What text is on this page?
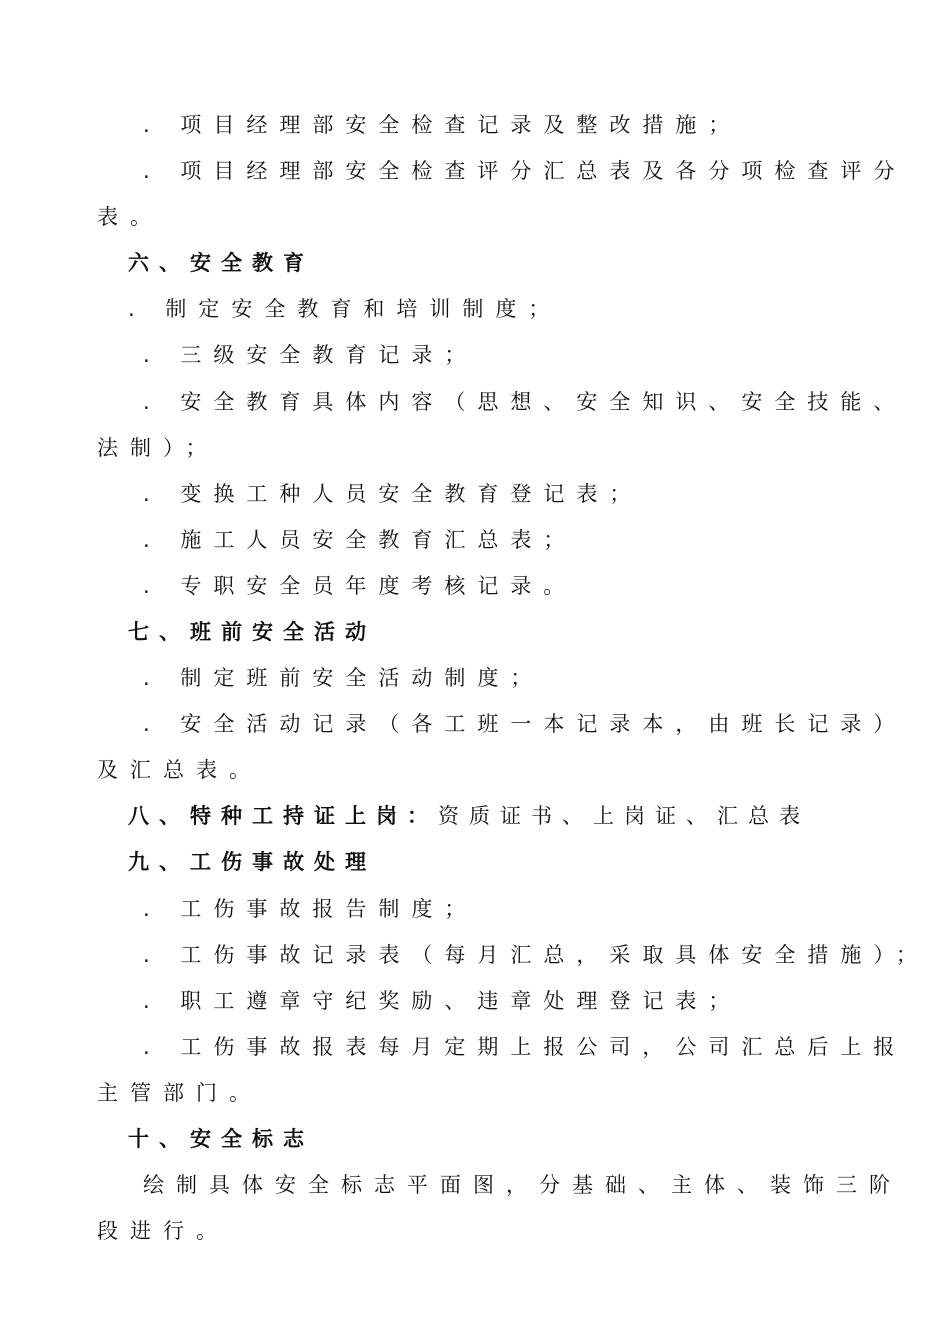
. 项目经理部安全检查记录及整改措施；
. 项目经理部安全检查评分汇总表及各分项检查评分
表。
六、安全教育
. 制定安全教育和培训制度；
. 三级安全教育记录；
. 安全教育具体内容（思想、安全知识、安全技能、
法制）；
. 变换工种人员安全教育登记表；
. 施工人员安全教育汇总表；
. 专职安全员年度考核记录。
七、班前安全活动
. 制定班前安全活动制度；
. 安全活动记录（各工班一本记录本，由班长记录）
及汇总表。
八、特种工持证上岗：资质证书、上岗证、汇总表
九、工伤事故处理
. 工伤事故报告制度；
. 工伤事故记录表（每月汇总，采取具体安全措施）；
. 职工遵章守纪奖励、违章处理登记表；
. 工伤事故报表每月定期上报公司，公司汇总后上报
主管部门。
十、安全标志
绘制具体安全标志平面图，分基础、主体、装饰三阶
段进行。
